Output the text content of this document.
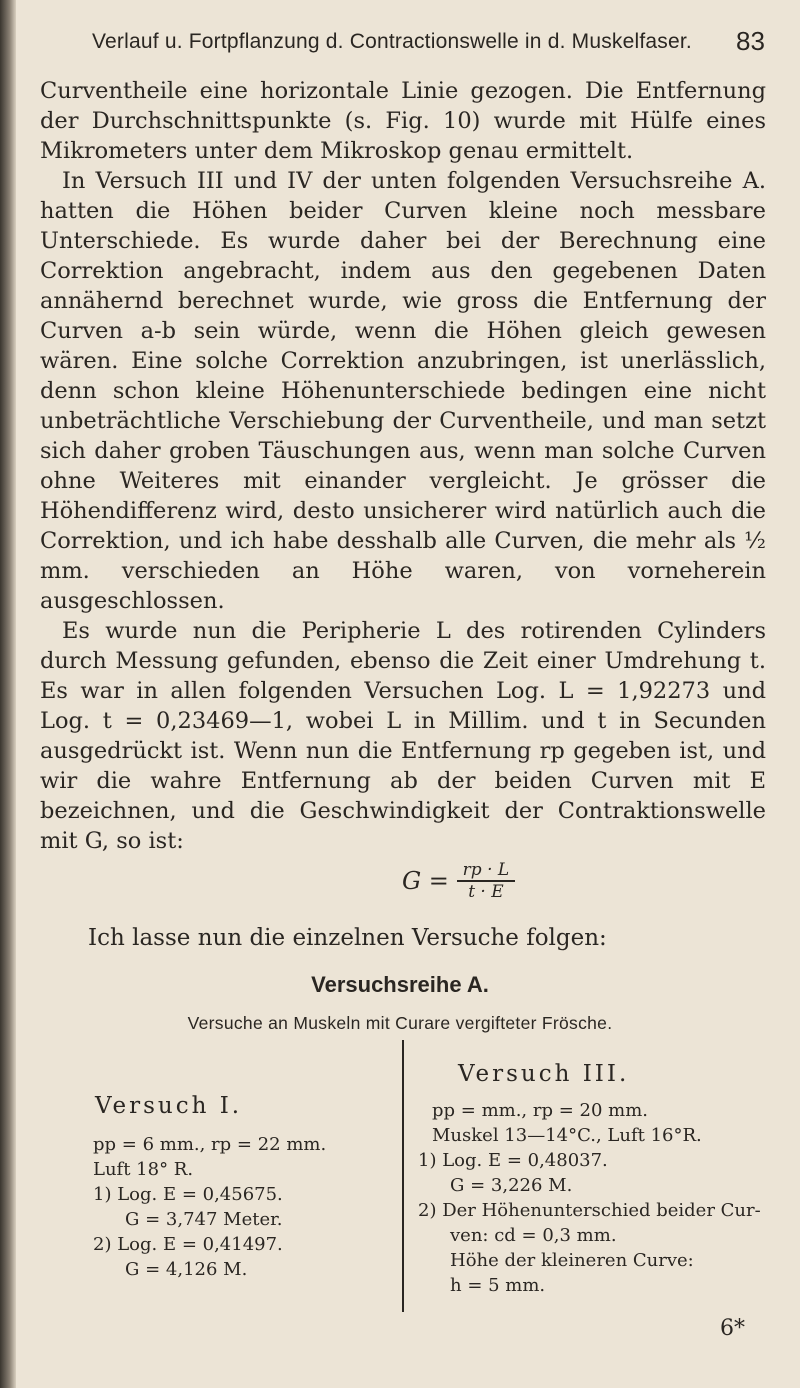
Verlauf u. Fortpflanzung d. Contractionswelle in d. Muskelfaser.	83

Curventheile eine horizontale Linie gezogen. Die Entfernung der Durchschnittspunkte (s. Fig. 10) wurde mit Hülfe eines Mikrometers unter dem Mikroskop genau ermittelt.

In Versuch III und IV der unten folgenden Versuchsreihe A. hatten die Höhen beider Curven kleine noch messbare Unterschiede. Es wurde daher bei der Berechnung eine Correktion angebracht, indem aus den gegebenen Daten annähernd berechnet wurde, wie gross die Entfernung der Curven a-b sein würde, wenn die Höhen gleich gewesen wären. Eine solche Correktion anzubringen, ist unerlässlich, denn schon kleine Höhenunterschiede bedingen eine nicht unbeträchtliche Verschiebung der Curventheile, und man setzt sich daher groben Täuschungen aus, wenn man solche Curven ohne Weiteres mit einander vergleicht. Je grösser die Höhendifferenz wird, desto unsicherer wird natürlich auch die Correktion, und ich habe desshalb alle Curven, die mehr als ½ mm. verschieden an Höhe waren, von vorneherein ausgeschlossen.

Es wurde nun die Peripherie L des rotirenden Cylinders durch Messung gefunden, ebenso die Zeit einer Umdrehung t. Es war in allen folgenden Versuchen Log. L = 1,92273 und Log. t = 0,23469—1, wobei L in Millim. und t in Secunden ausgedrückt ist. Wenn nun die Entfernung rp gegeben ist, und wir die wahre Entfernung ab der beiden Curven mit E bezeichnen, und die Geschwindigkeit der Contraktionswelle mit G, so ist:

$G = \frac{rp \cdot L}{t \cdot E}$
Ich lasse nun die einzelnen Versuche folgen:
Versuchsreihe A.
Versuche an Muskeln mit Curare vergifteter Frösche.
Versuch I.
pp = 6 mm., rp = 22 mm.
Luft 18° R.
1) Log. E = 0,45675.
G = 3,747 Meter.
2) Log. E = 0,41497.
G = 4,126 M.
Versuch III.
pp = mm., rp = 20 mm.
Muskel 13—14°C., Luft 16°R.
1) Log. E = 0,48037.
G = 3,226 M.
2) Der Höhenunterschied beider Cur-
ven: cd = 0,3 mm.
Höhe der kleineren Curve:
h = 5 mm.
6*
